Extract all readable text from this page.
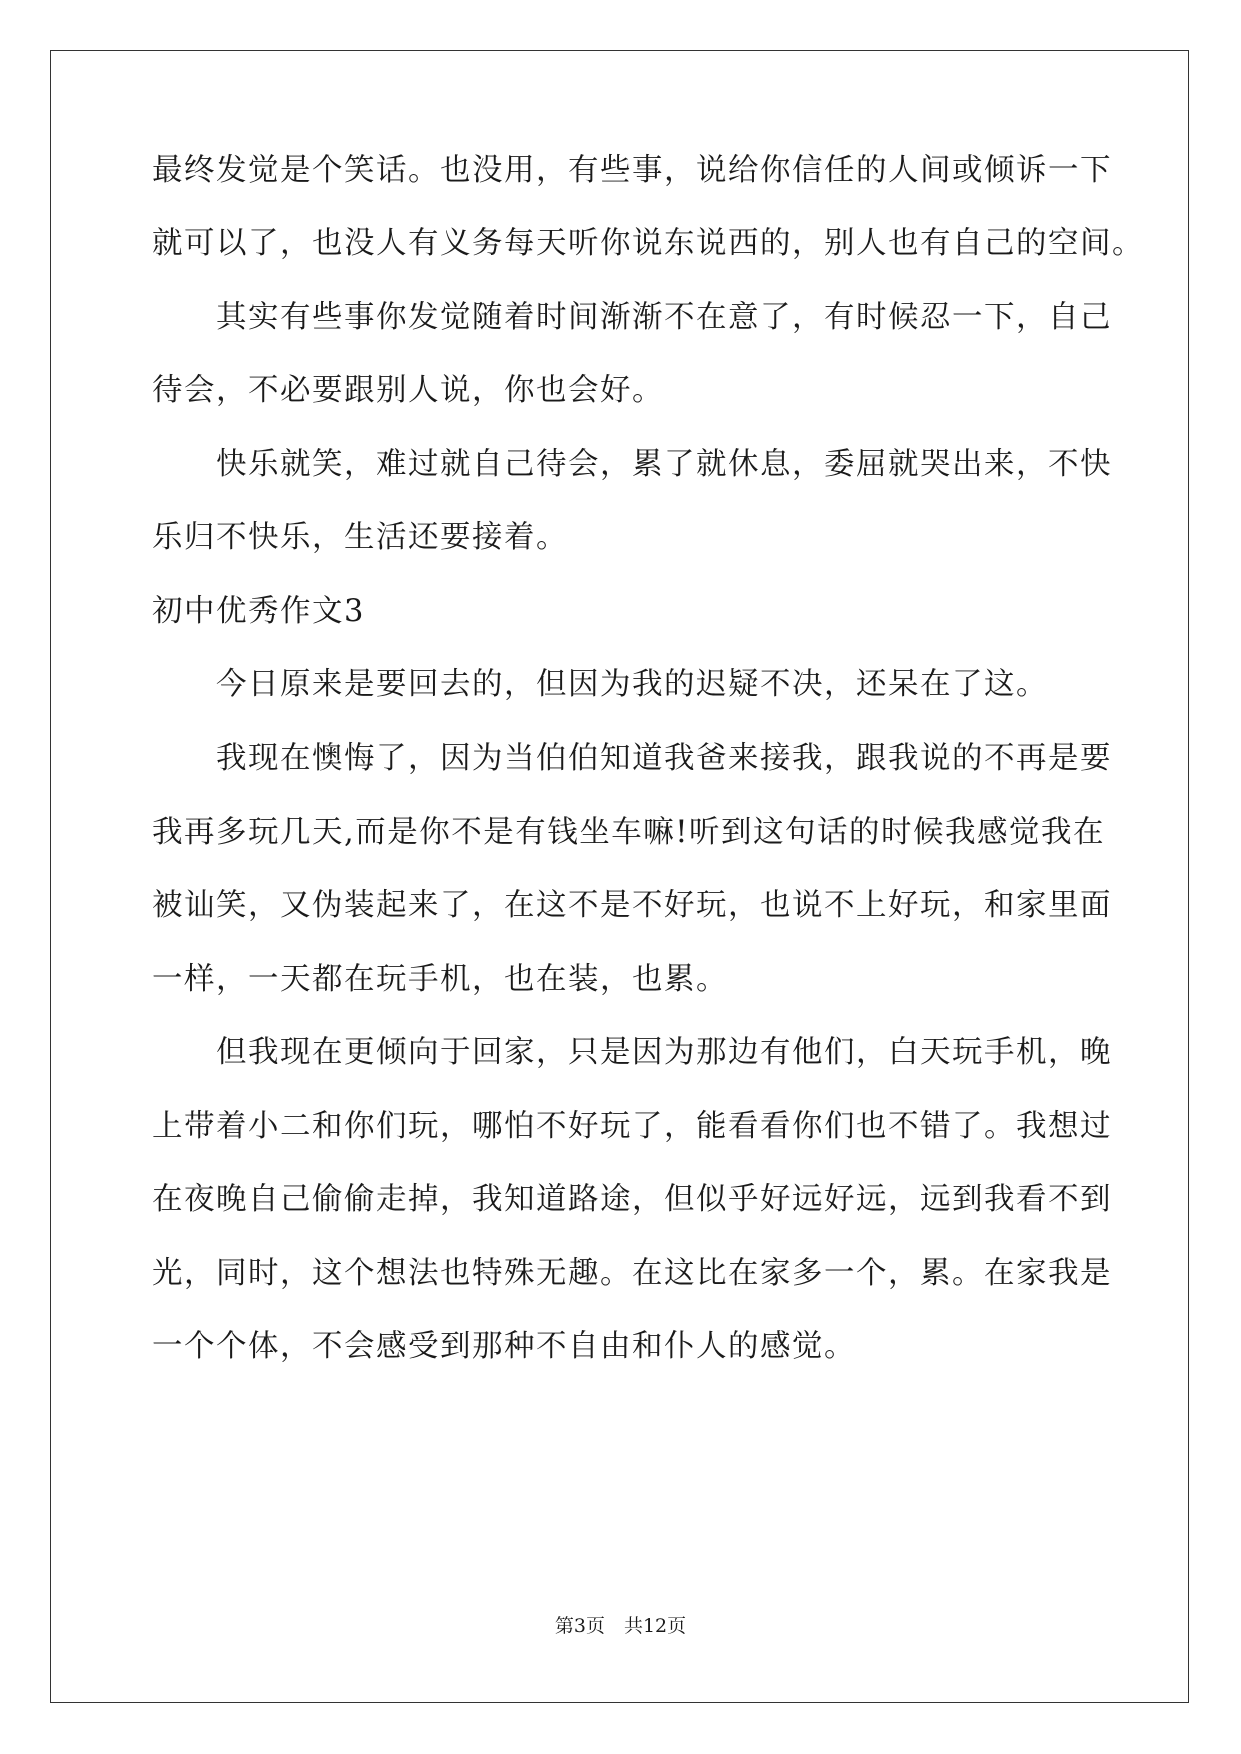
最终发觉是个笑话。也没用，有些事，说给你信任的人间或倾诉一下
就可以了，也没人有义务每天听你说东说西的，别人也有自己的空间。
　　其实有些事你发觉随着时间渐渐不在意了，有时候忍一下，自己
待会，不必要跟别人说，你也会好。
　　快乐就笑，难过就自己待会，累了就休息，委屈就哭出来，不快
乐归不快乐，生活还要接着。
初中优秀作文3
　　今日原来是要回去的，但因为我的迟疑不决，还呆在了这。
　　我现在懊悔了，因为当伯伯知道我爸来接我，跟我说的不再是要
我再多玩几天,而是你不是有钱坐车嘛!听到这句话的时候我感觉我在
被讪笑，又伪装起来了，在这不是不好玩，也说不上好玩，和家里面
一样，一天都在玩手机，也在装，也累。
　　但我现在更倾向于回家，只是因为那边有他们，白天玩手机，晚
上带着小二和你们玩，哪怕不好玩了，能看看你们也不错了。我想过
在夜晚自己偷偷走掉，我知道路途，但似乎好远好远，远到我看不到
光，同时，这个想法也特殊无趣。在这比在家多一个，累。在家我是
一个个体，不会感受到那种不自由和仆人的感觉。
第3页　共12页
